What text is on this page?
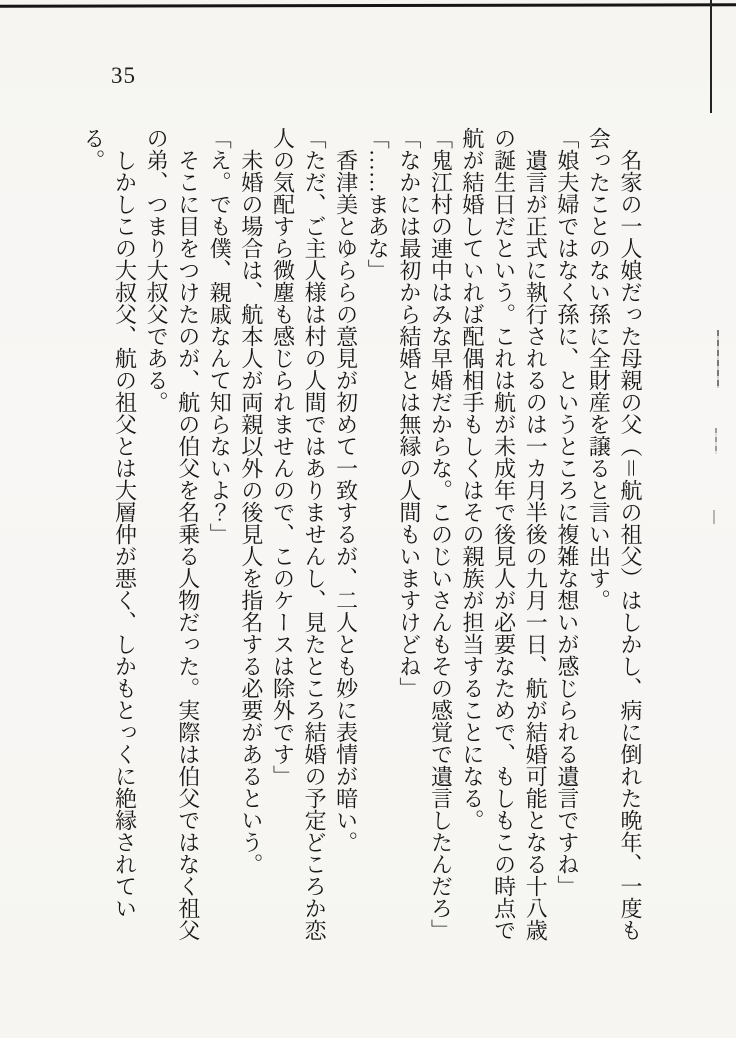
35

名家の一人娘だった母親の父（＝航の祖父）はしかし、病に倒れた晩年、一度も会ったことのない孫に全財産を譲ると言い出す。

「娘夫婦ではなく孫に、というところに複雑な想いが感じられる遺言ですね」

遺言が正式に執行されるのは一カ月半後の九月一日、航が結婚可能となる十八歳の誕生日だという。これは航が未成年で後見人が必要なためで、もしもこの時点で航が結婚していれば配偶相手もしくはその親族が担当することになる。

「鬼江村の連中はみな早婚だからな。このじいさんもその感覚で遺言したんだろ」

「なかには最初から結婚とは無縁の人間もいますけどね」

「……まあな」

香津美とゆららの意見が初めて一致するが、二人とも妙に表情が暗い。

「ただ、ご主人様は村の人間ではありませんし、見たところ結婚の予定どころか恋人の気配すら微塵も感じられませんので、このケースは除外です」

未婚の場合は、航本人が両親以外の後見人を指名する必要があるという。

「え。でも僕、親戚なんて知らないよ？」

そこに目をつけたのが、航の伯父を名乗る人物だった。実際は伯父ではなく祖父の弟、つまり大叔父である。

しかしこの大叔父、航の祖父とは大層仲が悪く、しかもとっくに絶縁されている。
